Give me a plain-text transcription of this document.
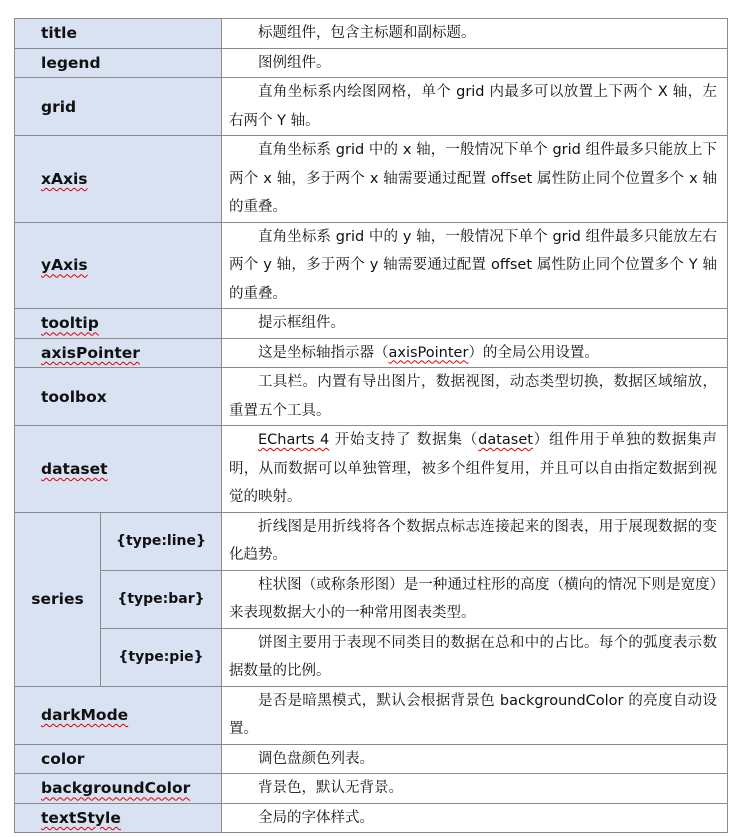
title		标题组件，包含主标题和副标题。
legend		图例组件。
grid		直角坐标系内绘图网格，单个 grid 内最多可以放置上下两个 X 轴，左右两个 Y 轴。
xAxis		直角坐标系 grid 中的 x 轴，一般情况下单个 grid 组件最多只能放上下两个 x 轴，多于两个 x 轴需要通过配置 offset 属性防止同个位置多个 x 轴的重叠。
yAxis		直角坐标系 grid 中的 y 轴，一般情况下单个 grid 组件最多只能放左右两个 y 轴，多于两个 y 轴需要通过配置 offset 属性防止同个位置多个 Y 轴的重叠。
tooltip		提示框组件。
axisPointer		这是坐标轴指示器（axisPointer）的全局公用设置。
toolbox		工具栏。内置有导出图片，数据视图，动态类型切换，数据区域缩放，重置五个工具。
dataset		ECharts 4 开始支持了 数据集（dataset）组件用于单独的数据集声明，从而数据可以单独管理，被多个组件复用，并且可以自由指定数据到视觉的映射。
series	{type:line}	折线图是用折线将各个数据点标志连接起来的图表，用于展现数据的变化趋势。
	{type:bar}	柱状图（或称条形图）是一种通过柱形的高度（横向的情况下则是宽度）来表现数据大小的一种常用图表类型。
	{type:pie}	饼图主要用于表现不同类目的数据在总和中的占比。每个的弧度表示数据数量的比例。
darkMode		是否是暗黑模式，默认会根据背景色 backgroundColor 的亮度自动设置。
color		调色盘颜色列表。
backgroundColor		背景色，默认无背景。
textStyle		全局的字体样式。
